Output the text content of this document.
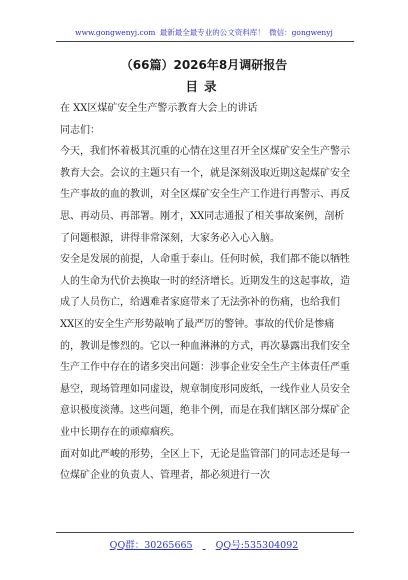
www.gongwenyj.com 最新最全最专业的公文资料库！ 微信：gongwenyj
（66篇）2026年8月调研报告
目录

在 XX区煤矿安全生产警示教育大会上的讲话

同志们：

今天，我们怀着极其沉重的心情在这里召开全区煤矿安全生产警示教育大会。会议的主题只有一个，就是深刻汲取近期这起煤矿安全生产事故的血的教训，对全区煤矿安全生产工作进行再警示、再反思、再动员、再部署。刚才，XX同志通报了相关事故案例，剖析了问题根源，讲得非常深刻，大家务必入心入脑。

安全是发展的前提，人命重于泰山。任何时候，我们都不能以牺牲人的生命为代价去换取一时的经济增长。近期发生的这起事故，造成了人员伤亡，给遇难者家庭带来了无法弥补的伤痛，也给我们XX区的安全生产形势敲响了最严厉的警钟。事故的代价是惨痛的，教训是惨烈的。它以一种血淋淋的方式，再次暴露出我们安全生产工作中存在的诸多突出问题：涉事企业安全生产主体责任严重悬空，现场管理如同虚设，规章制度形同废纸，一线作业人员安全意识极度淡薄。这些问题，绝非个例，而是在我们辖区部分煤矿企业中长期存在的顽瘴痼疾。

面对如此严峻的形势，全区上下，无论是监管部门的同志还是每一位煤矿企业的负责人、管理者，都必须进行一次

QQ群：30265665 QQ号:535304092
